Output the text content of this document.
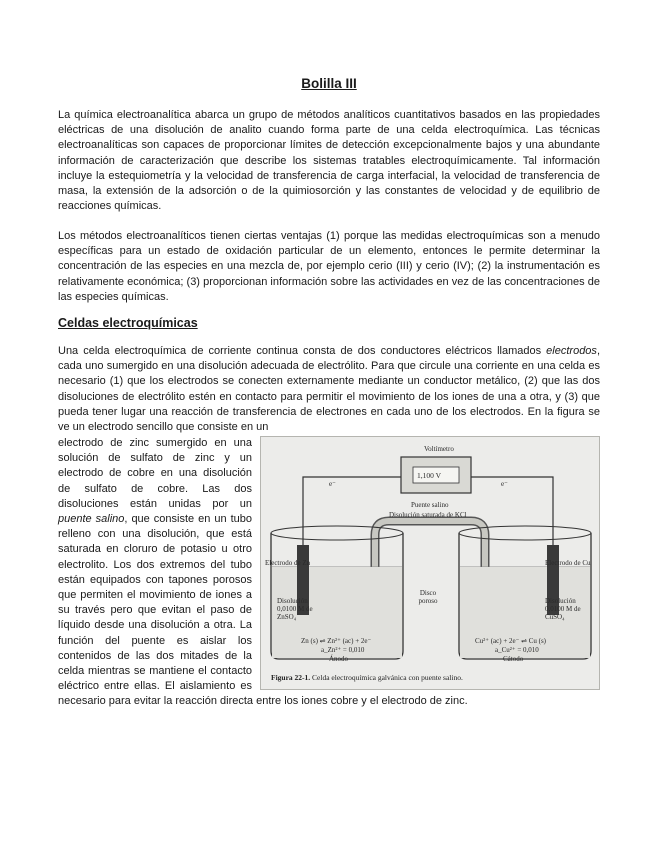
Bolilla III

La química electroanalítica abarca un grupo de métodos analíticos cuantitativos basados en las propiedades eléctricas de una disolución de analito cuando forma parte de una celda electroquímica. Las técnicas electroanalíticas son capaces de proporcionar límites de detección excepcionalmente bajos y una abundante información de caracterización que describe los sistemas tratables electroquímicamente. Tal información incluye la estequiometría y la velocidad de transferencia de carga interfacial, la velocidad de transferencia de masa, la extensión de la adsorción o de la quimiosorción y las constantes de velocidad y de equilibrio de reacciones químicas.

Los métodos electroanalíticos tienen ciertas ventajas (1) porque las medidas electroquímicas son a menudo específicas para un estado de oxidación particular de un elemento, entonces le permite determinar la concentración de las especies en una mezcla de, por ejemplo cerio (III) y cerio (IV); (2) la instrumentación es relativamente económica; (3) proporcionan información sobre las actividades en vez de las concentraciones de las especies químicas.

Celdas electroquímicas

Una celda electroquímica de corriente continua consta de dos conductores eléctricos llamados electrodos, cada uno sumergido en una disolución adecuada de electrólito. Para que circule una corriente en una celda es necesario (1) que los electrodos se conecten externamente mediante un conductor metálico, (2) que las dos disoluciones de electrólito estén en contacto para permitir el movimiento de los iones de una a otra, y (3) que pueda tener lugar una reacción de transferencia de electrones en cada uno de los electrodos. En la figura se ve un electrodo sencillo que consiste en un

Voltímetro
1,100 V
e⁻	e⁻
Puente salino
Disolución saturada de KCl
Electrodo de Zn	Electrodo de Cu
Disco poroso
Disolución 0,0100 M de ZnSO₄
Disolución 0,0100 M de CuSO₄
Zn (s) ⇌ Zn²⁺ (ac) + 2e⁻
a_Zn²⁺ = 0,010
Ánodo
Cu²⁺ (ac) + 2e⁻ ⇌ Cu (s)
a_Cu²⁺ = 0,010
Cátodo
Figura 22-1. Celda electroquímica galvánica con puente salino.

electrodo de zinc sumergido en una solución de sulfato de zinc y un electrodo de cobre en una disolución de sulfato de cobre. Las dos disoluciones están unidas por un puente salino, que consiste en un tubo relleno con una disolución, que está saturada en cloruro de potasio u otro electrolito. Los dos extremos del tubo están equipados con tapones porosos que permiten el movimiento de iones a su través pero que evitan el paso de líquido desde una disolución a otra. La función del puente es aislar los contenidos de las dos mitades de la celda mientras se mantiene el contacto eléctrico entre ellas. El aislamiento es necesario para evitar la reacción directa entre los iones cobre y el electrodo de zinc.
